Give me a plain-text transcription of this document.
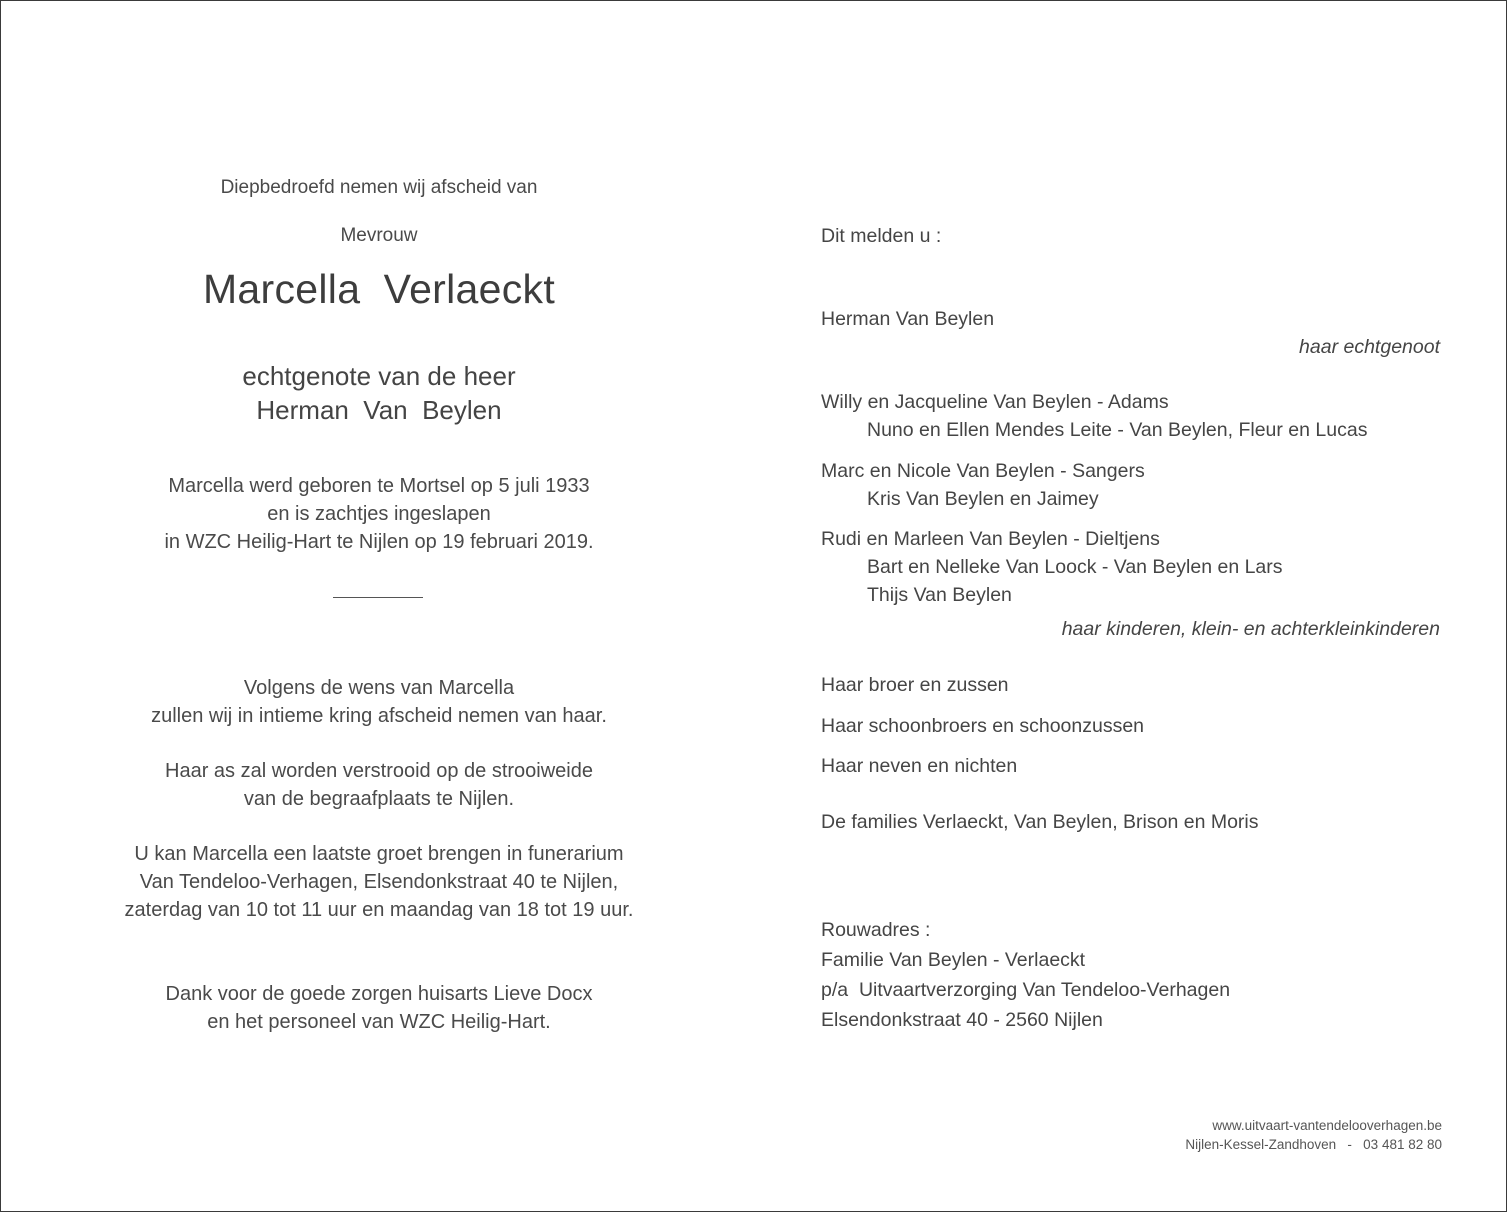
Diepbedroefd nemen wij afscheid van
Mevrouw
Marcella  Verlaeckt
echtgenote van de heer
Herman  Van  Beylen
Marcella werd geboren te Mortsel op 5 juli 1933
en is zachtjes ingeslapen
in WZC Heilig-Hart te Nijlen op 19 februari 2019.
Volgens de wens van Marcella
zullen wij in intieme kring afscheid nemen van haar.
Haar as zal worden verstrooid op de strooiweide
van de begraafplaats te Nijlen.
U kan Marcella een laatste groet brengen in funerarium
Van Tendeloo-Verhagen, Elsendonkstraat 40 te Nijlen,
zaterdag van 10 tot 11 uur en maandag van 18 tot 19 uur.
Dank voor de goede zorgen huisarts Lieve Docx
en het personeel van WZC Heilig-Hart.
Dit melden u :
Herman Van Beylen
haar echtgenoot
Willy en Jacqueline Van Beylen - Adams
Nuno en Ellen Mendes Leite - Van Beylen, Fleur en Lucas
Marc en Nicole Van Beylen - Sangers
Kris Van Beylen en Jaimey
Rudi en Marleen Van Beylen - Dieltjens
Bart en Nelleke Van Loock - Van Beylen en Lars
Thijs Van Beylen
haar kinderen, klein- en achterkleinkinderen
Haar broer en zussen
Haar schoonbroers en schoonzussen
Haar neven en nichten
De families Verlaeckt, Van Beylen, Brison en Moris
Rouwadres :
Familie Van Beylen - Verlaeckt
p/a  Uitvaartverzorging Van Tendeloo-Verhagen
Elsendonkstraat 40 - 2560 Nijlen
www.uitvaart-vantendelooverhagen.be
Nijlen-Kessel-Zandhoven   -   03 481 82 80
